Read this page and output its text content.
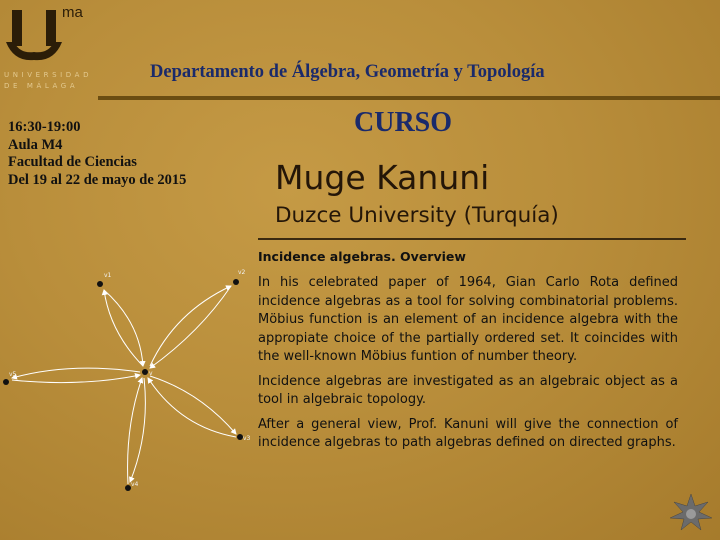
ma
UNIVERSIDAD
DE MÁLAGA
Departamento de Álgebra, Geometría y Topología
CURSO
16:30-19:00
Aula M4
Facultad de Ciencias
Del 19 al 22 de mayo de 2015	Muge Kanuni
Duzce University (Turquía)
Incidence algebras. Overview

In his celebrated paper of 1964, Gian Carlo Rota defined incidence algebras as a tool for solving combinatorial problems. Möbius function is an element of an incidence algebra with the appropiate choice of the partially ordered set. It coincides with the well-known Möbius funtion of number theory.

Incidence algebras are investigated as an algebraic object as a tool in algebraic topology.

After a general view, Prof. Kanuni will give the connection of incidence algebras to path algebras defined on directed graphs.

v
v1	v2
v3
v4
v5
